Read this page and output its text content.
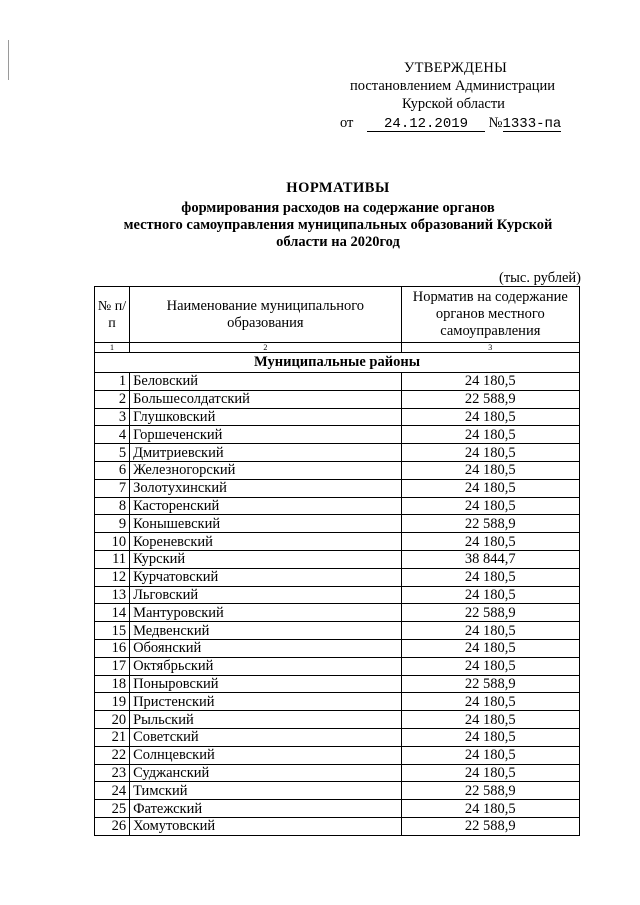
УТВЕРЖДЕНЫ
постановлением Администрации
Курской области
от 24.12.2019 №1333-па
НОРМАТИВЫ
формирования расходов на содержание органов
местного самоуправления муниципальных образований Курской
области на 2020год
(тыс. рублей)
№ п/п	Наименование муниципального образования	Норматив на содержание органов местного самоуправления
1	2	3
Муниципальные районы		
1	Беловский	24 180,5
2	Большесолдатский	22 588,9
3	Глушковский	24 180,5
4	Горшеченский	24 180,5
5	Дмитриевский	24 180,5
6	Железногорский	24 180,5
7	Золотухинский	24 180,5
8	Касторенский	24 180,5
9	Конышевский	22 588,9
10	Кореневский	24 180,5
11	Курский	38 844,7
12	Курчатовский	24 180,5
13	Льговский	24 180,5
14	Мантуровский	22 588,9
15	Медвенский	24 180,5
16	Обоянский	24 180,5
17	Октябрьский	24 180,5
18	Поныровский	22 588,9
19	Пристенский	24 180,5
20	Рыльский	24 180,5
21	Советский	24 180,5
22	Солнцевский	24 180,5
23	Суджанский	24 180,5
24	Тимский	22 588,9
25	Фатежский	24 180,5
26	Хомутовский	22 588,9
